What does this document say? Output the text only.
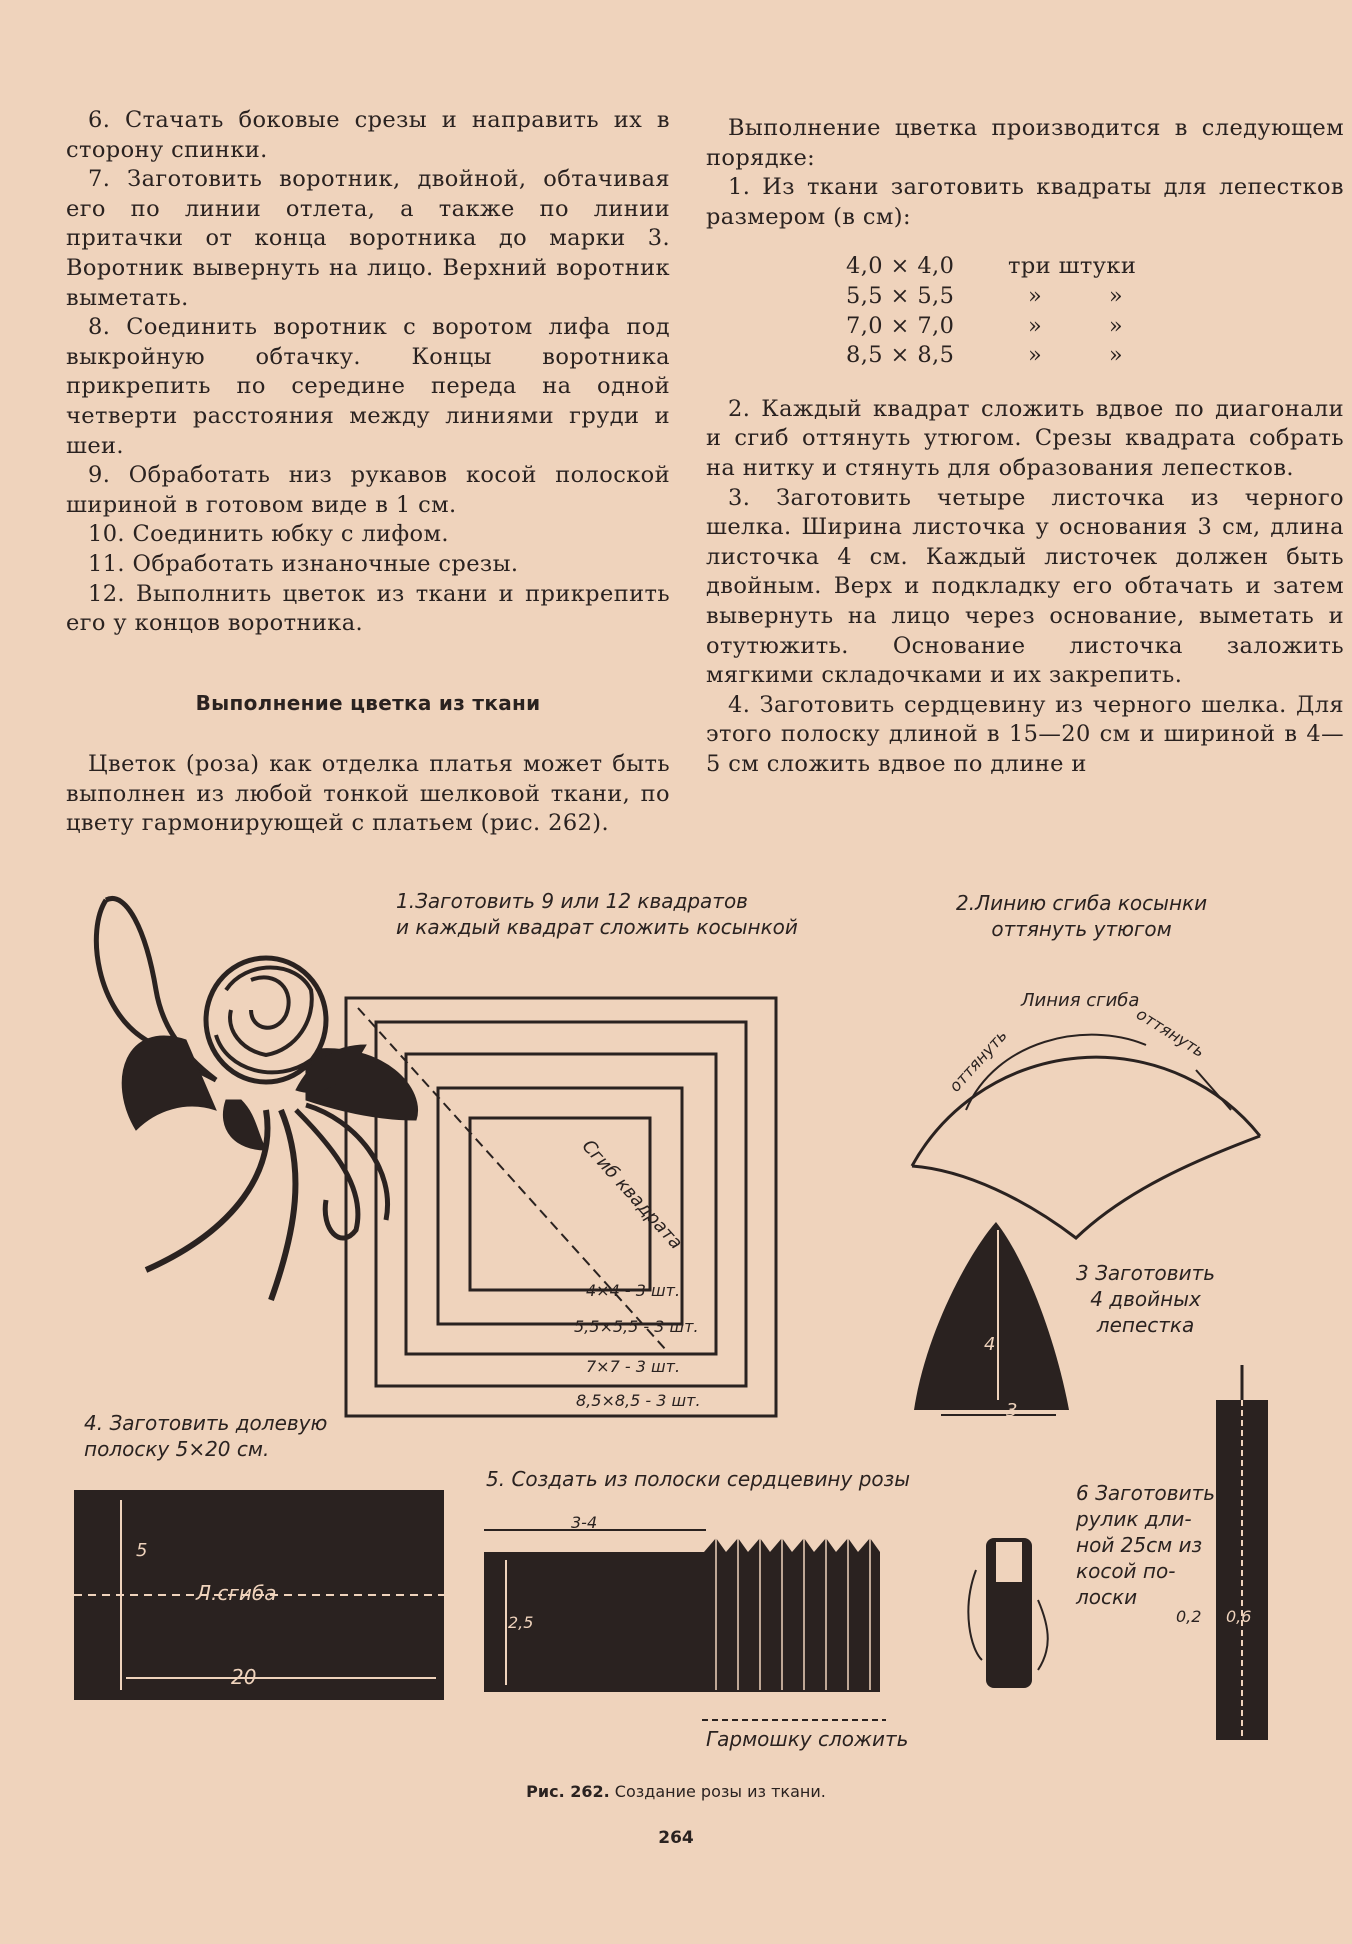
6. Стачать боковые срезы и направить их в сторону спинки.

7. Заготовить воротник, двойной, обтачивая его по линии отлета, а также по линии притачки от конца воротника до марки 3. Воротник вывернуть на лицо. Верхний воротник выметать.

8. Соединить воротник с воротом лифа под выкройную обтачку. Концы воротника прикрепить по середине переда на одной четверти расстояния между линиями груди и шеи.

9. Обработать низ рукавов косой полоской шириной в готовом виде в 1 см.

10. Соединить юбку с лифом.

11. Обработать изнаночные срезы.

12. Выполнить цветок из ткани и прикрепить его у концов воротника.

Выполнение цветка из ткани

Цветок (роза) как отделка платья может быть выполнен из любой тонкой шелковой ткани, по цвету гармонирующей с платьем (рис. 262).

Выполнение цветка производится в следующем порядке:

1. Из ткани заготовить квадраты для лепестков размером (в см):

4,0 × 4,0	три штуки
5,5 × 5,5	» »
7,0 × 7,0	» »
8,5 × 8,5	» »

2. Каждый квадрат сложить вдвое по диагонали и сгиб оттянуть утюгом. Срезы квадрата собрать на нитку и стянуть для образования лепестков.

3. Заготовить четыре листочка из черного шелка. Ширина листочка у основания 3 см, длина листочка 4 см. Каждый листочек должен быть двойным. Верх и подкладку его обтачать и затем вывернуть на лицо через основание, выметать и отутюжить. Основание листочка заложить мягкими складочками и их закрепить.

4. Заготовить сердцевину из черного шелка. Для этого полоску длиной в 15—20 см и шириной в 4—5 см сложить вдвое по длине и

1.Заготовить 9 или 12 квадратов
и каждый квадрат сложить косынкой
2.Линию сгиба косынки
оттянуть утюгом
Линия сгиба
оттянуть	оттянуть
Сгиб квадрата
4×4 - 3 шт.
5,5×5,5 - 3 шт.
7×7 - 3 шт.
8,5×8,5 - 3 шт.
3 Заготовить
4 двойных
лепестка
4
3
4. Заготовить долевую
полоску 5×20 см.
5
Л.сгиба
20
5. Создать из полоски сердцевину розы
3-4
2,5
Гармошку сложить
6 Заготовить
рулик дли-
ной 25см из
косой по-
лоски
0,2 0,6
Рис. 262. Создание розы из ткани.
264
